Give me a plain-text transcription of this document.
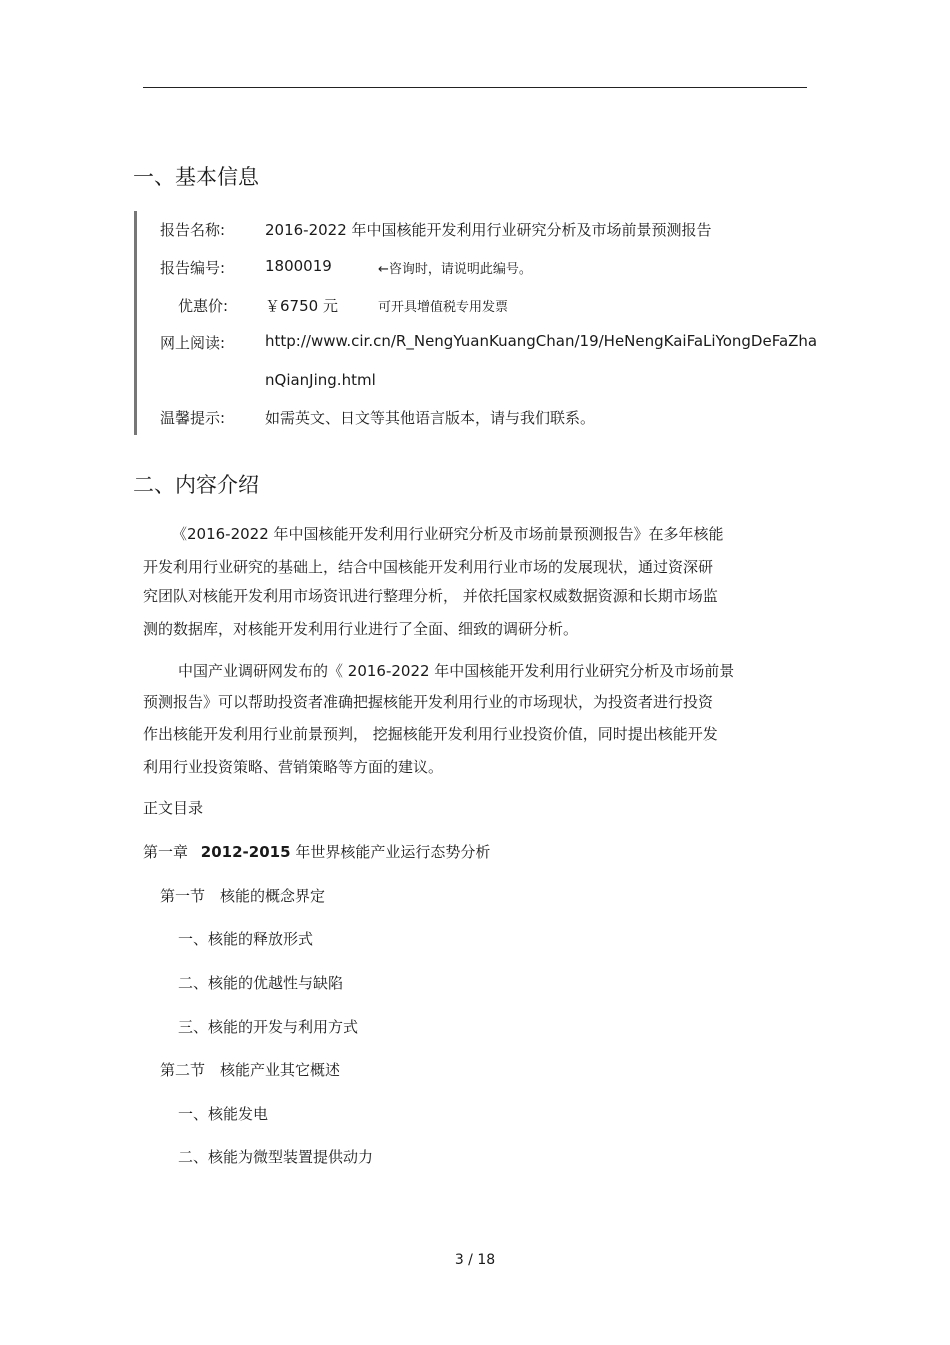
一、基本信息
报告名称:	2016-2022 年中国核能开发利用行业研究分析及市场前景预测报告
报告编号:	1800019	←咨询时，请说明此编号。
优惠价: ￥6750 元	可开具增值税专用发票
网上阅读:	http://www.cir.cn/R_NengYuanKuangChan/19/HeNengKaiFaLiYongDeFaZha
nQianJing.html
温馨提示:	如需英文、日文等其他语言版本，请与我们联系。
二、内容介绍
《2016-2022 年中国核能开发利用行业研究分析及市场前景预测报告》在多年核能
开发利用行业研究的基础上，结合中国核能开发利用行业市场的发展现状，通过资深研
究团队对核能开发利用市场资讯进行整理分析， 并依托国家权威数据资源和长期市场监
测的数据库，对核能开发利用行业进行了全面、细致的调研分析。
中国产业调研网发布的《 2016-2022 年中国核能开发利用行业研究分析及市场前景
预测报告》可以帮助投资者准确把握核能开发利用行业的市场现状，为投资者进行投资
作出核能开发利用行业前景预判， 挖掘核能开发利用行业投资价值，同时提出核能开发
利用行业投资策略、营销策略等方面的建议。
正文目录
第一章 2012-2015 年世界核能产业运行态势分析
第一节　核能的概念界定
一、核能的释放形式
二、核能的优越性与缺陷
三、核能的开发与利用方式
第二节　核能产业其它概述
一、核能发电
二、核能为微型装置提供动力
3 / 18
